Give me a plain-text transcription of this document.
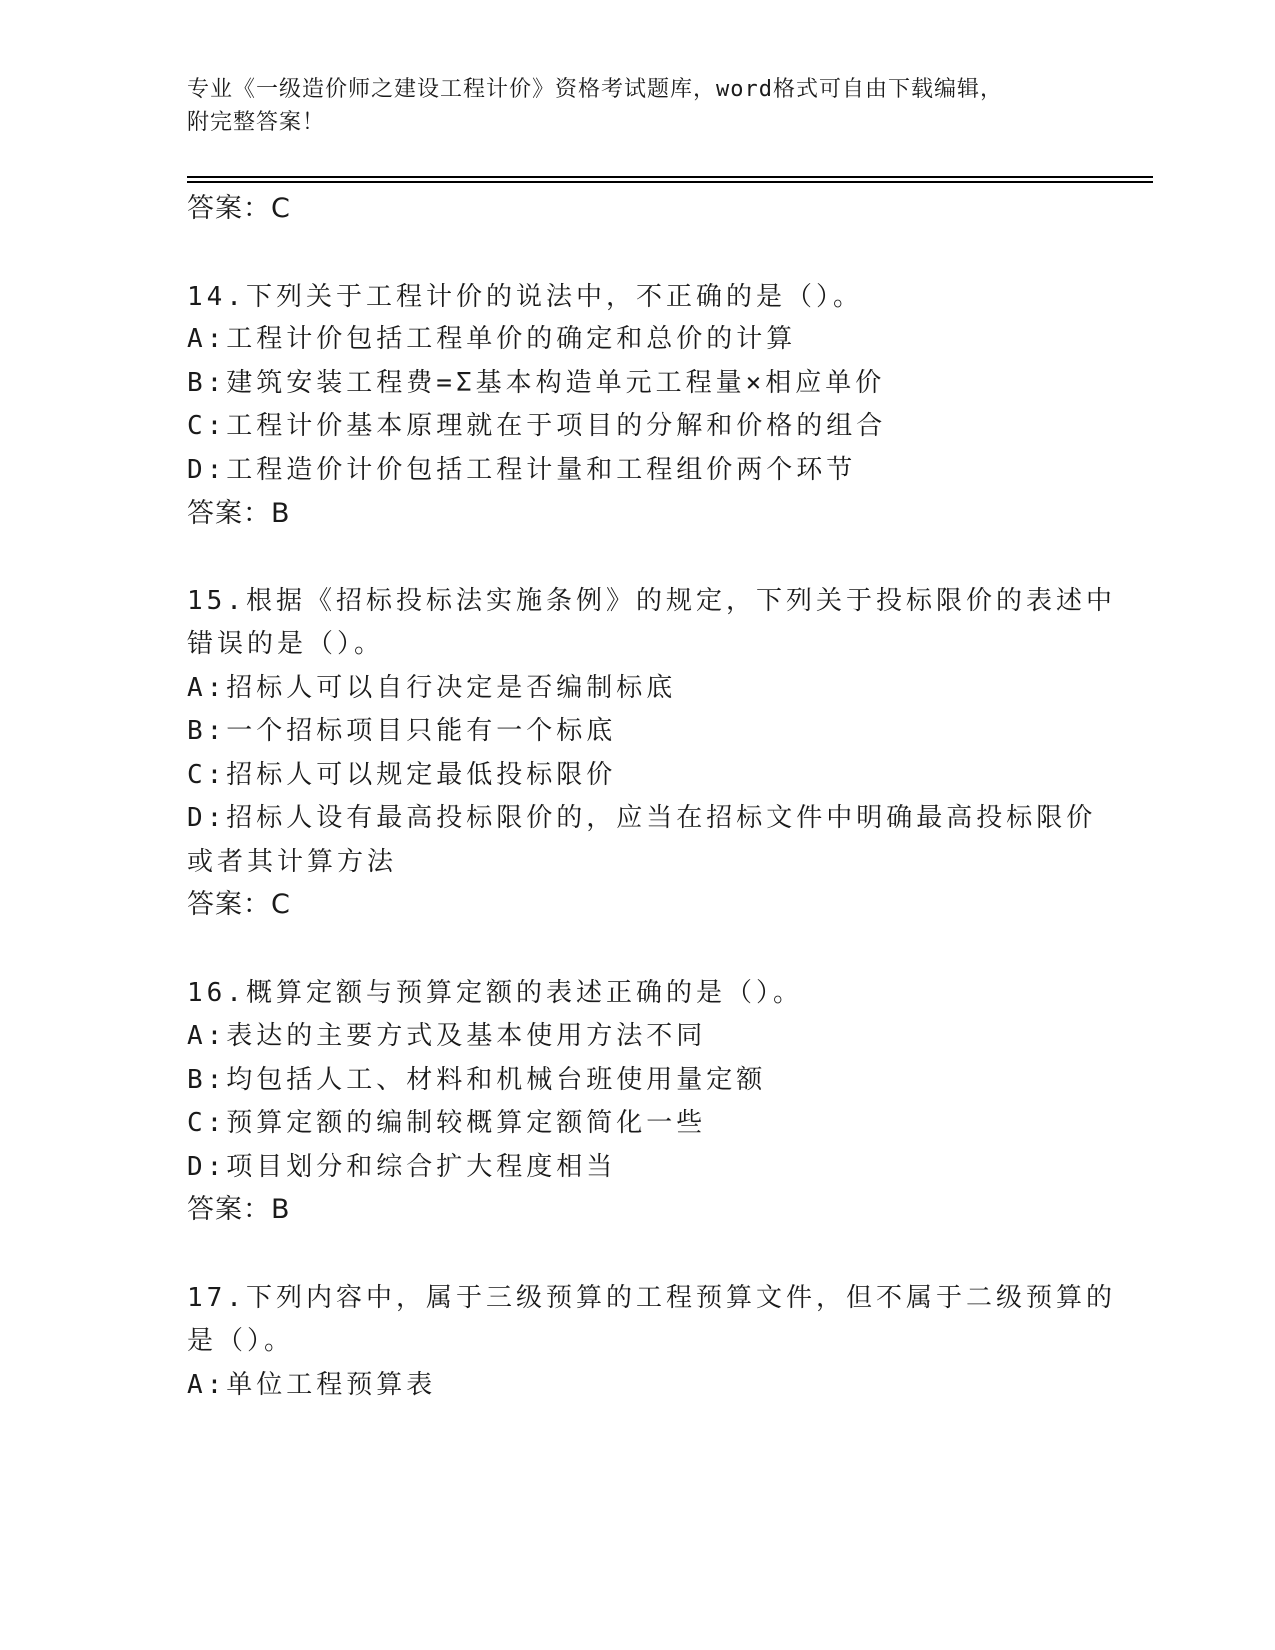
专业《一级造价师之建设工程计价》资格考试题库，word格式可自由下载编辑，
附完整答案！
答案：C
14.下列关于工程计价的说法中，不正确的是（）。
A:工程计价包括工程单价的确定和总价的计算
B:建筑安装工程费=Σ基本构造单元工程量×相应单价
C:工程计价基本原理就在于项目的分解和价格的组合
D:工程造价计价包括工程计量和工程组价两个环节
答案：B
15.根据《招标投标法实施条例》的规定，下列关于投标限价的表述中
错误的是（）。
A:招标人可以自行决定是否编制标底
B:一个招标项目只能有一个标底
C:招标人可以规定最低投标限价
D:招标人设有最高投标限价的，应当在招标文件中明确最高投标限价
或者其计算方法
答案：C
16.概算定额与预算定额的表述正确的是（）。
A:表达的主要方式及基本使用方法不同
B:均包括人工、材料和机械台班使用量定额
C:预算定额的编制较概算定额简化一些
D:项目划分和综合扩大程度相当
答案：B
17.下列内容中，属于三级预算的工程预算文件，但不属于二级预算的
是（）。
A:单位工程预算表
